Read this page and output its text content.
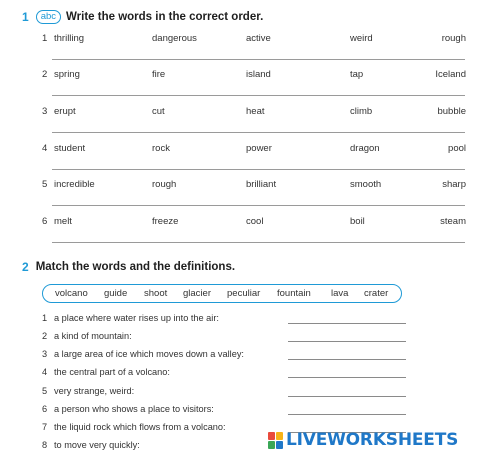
1	abc Write the words in the correct order.
1 thrilling	dangerous	active	weird	rough
2 spring	fire	island	tap	Iceland
3 erupt	cut	heat	climb	bubble
4 student	rock	power	dragon	pool
5 incredible	rough	brilliant	smooth	sharp
6 melt	freeze	cool	boil	steam
2 Match the words and the definitions.
volcano guide shoot glacier peculiar fountain lava crater
1 a place where water rises up into the air:
2 a kind of mountain:
3 a large area of ice which moves down a valley:
4 the central part of a volcano:
5 very strange, weird:
6 a person who shows a place to visitors:
7 the liquid rock which flows from a volcano:
8 to move very quickly:	LIVEWORKSHEETS
